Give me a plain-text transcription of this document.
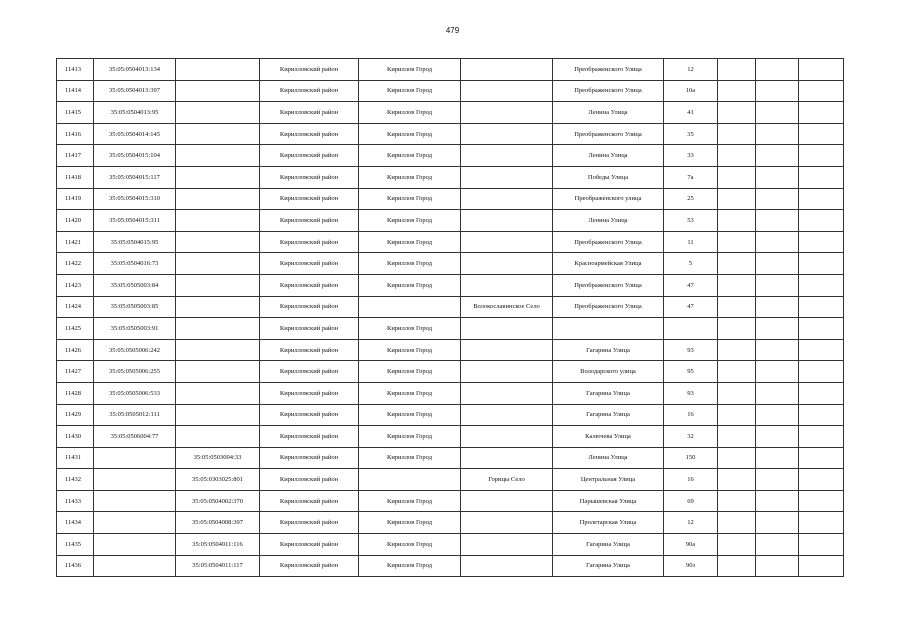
479
11413	35:05:0504013:134		Кирилловский район	Кириллов Город		Преображенского Улица	12			
11414	35:05:0504013:397		Кирилловский район	Кириллов Город		Преображенского Улица	10а			
11415	35:05:0504013:95		Кирилловский район	Кириллов Город		Ленина Улица	41			
11416	35:05:0504014:145		Кирилловский район	Кириллов Город		Преображенского Улица	35			
11417	35:05:0504015:104		Кирилловский район	Кириллов Город		Ленина Улица	33			
11418	35:05:0504015:117		Кирилловский район	Кириллов Город		Победы Улица	7а			
11419	35:05:0504015:310		Кирилловский район	Кириллов Город		Преображенского улица	25			
11420	35:05:0504015:311		Кирилловский район	Кириллов Город		Ленина Улица	53			
11421	35:05:0504015:95		Кирилловский район	Кириллов Город		Преображенского Улица	11			
11422	35:05:0504016:73		Кирилловский район	Кириллов Город		Красноармейская Улица	5			
11423	35:05:0505003:84		Кирилловский район	Кириллов Город		Преображенского Улица	47			
11424	35:05:0505003:85		Кирилловский район		Волокославинское Село	Преображенского Улица	47			
11425	35:05:0505003:91		Кирилловский район	Кириллов Город						
11426	35:05:0505006:242		Кирилловский район	Кириллов Город		Гагарина Улица	93			
11427	35:05:0505006:255		Кирилловский район	Кириллов Город		Володарского улица	95			
11428	35:05:0505006:533		Кирилловский район	Кириллов Город		Гагарина Улица	93			
11429	35:05:0505012:111		Кирилловский район	Кириллов Город		Гагарина Улица	16			
11430	35:05:0506004:77		Кирилловский район	Кириллов Город		Калючева Улица	32			
11431		35:05:0503004:33	Кирилловский район	Кириллов Город		Ленина Улица	150			
11432		35:05:0303025:801	Кирилловский район		Горицы Село	Центральная Улица	16			
11433		35:05:0504002:370	Кирилловский район	Кириллов Город		Парышевская Улица	69			
11434		35:05:0504008:397	Кирилловский район	Кириллов Город		Пролетарская Улица	12			
11435		35:05:0504011:116	Кирилловский район	Кириллов Город		Гагарина Улица	90а			
11436		35:05:0504011:117	Кирилловский район	Кириллов Город		Гагарина Улица	90з			
